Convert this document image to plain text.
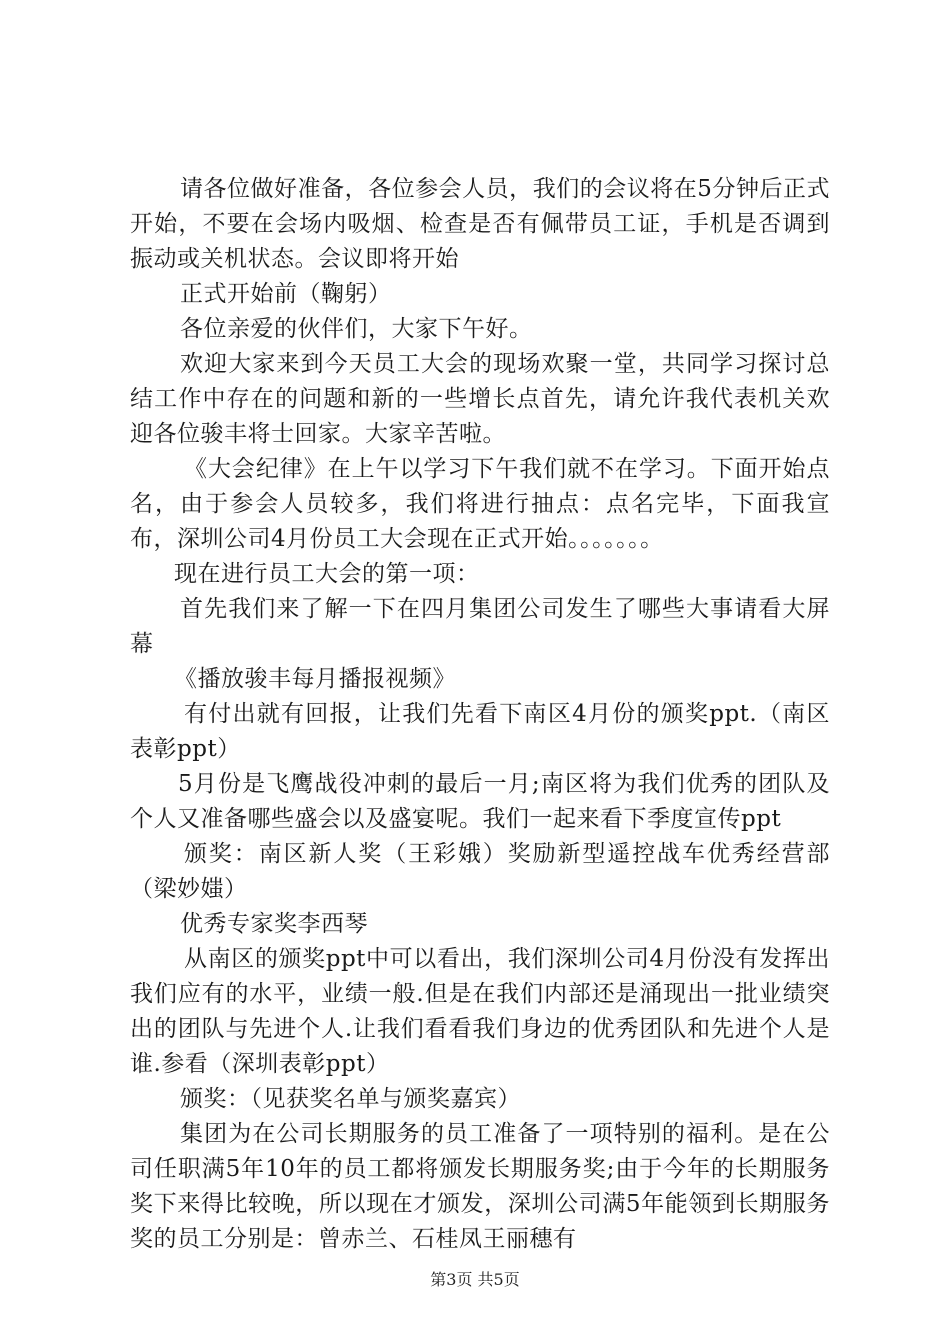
请各位做好准备，各位参会人员，我们的会议将在5分钟后正式开始，不要在会场内吸烟、检查是否有佩带员工证，手机是否调到振动或关机状态。会议即将开始

正式开始前（鞠躬）

各位亲爱的伙伴们，大家下午好。

欢迎大家来到今天员工大会的现场欢聚一堂，共同学习探讨总结工作中存在的问题和新的一些增长点首先，请允许我代表机关欢迎各位骏丰将士回家。大家辛苦啦。

《大会纪律》在上午以学习下午我们就不在学习。下面开始点名，由于参会人员较多，我们将进行抽点：点名完毕，下面我宣布，深圳公司4月份员工大会现在正式开始。。。。。。。

现在进行员工大会的第一项：

首先我们来了解一下在四月集团公司发生了哪些大事请看大屏幕

《播放骏丰每月播报视频》

有付出就有回报，让我们先看下南区4月份的颁奖ppt.（南区表彰ppt）

5月份是飞鹰战役冲刺的最后一月;南区将为我们优秀的团队及个人又准备哪些盛会以及盛宴呢。我们一起来看下季度宣传ppt

颁奖：南区新人奖（王彩娥）奖励新型遥控战车优秀经营部（梁妙媸）

优秀专家奖李西琴

从南区的颁奖ppt中可以看出，我们深圳公司4月份没有发挥出我们应有的水平，业绩一般.但是在我们内部还是涌现出一批业绩突出的团队与先进个人.让我们看看我们身边的优秀团队和先进个人是谁.参看（深圳表彰ppt）

颁奖：（见获奖名单与颁奖嘉宾）

集团为在公司长期服务的员工准备了一项特别的福利。是在公司任职满5年10年的员工都将颁发长期服务奖;由于今年的长期服务奖下来得比较晚，所以现在才颁发，深圳公司满5年能领到长期服务奖的员工分别是：曾赤兰、石桂凤王丽穗有

第3页 共5页
